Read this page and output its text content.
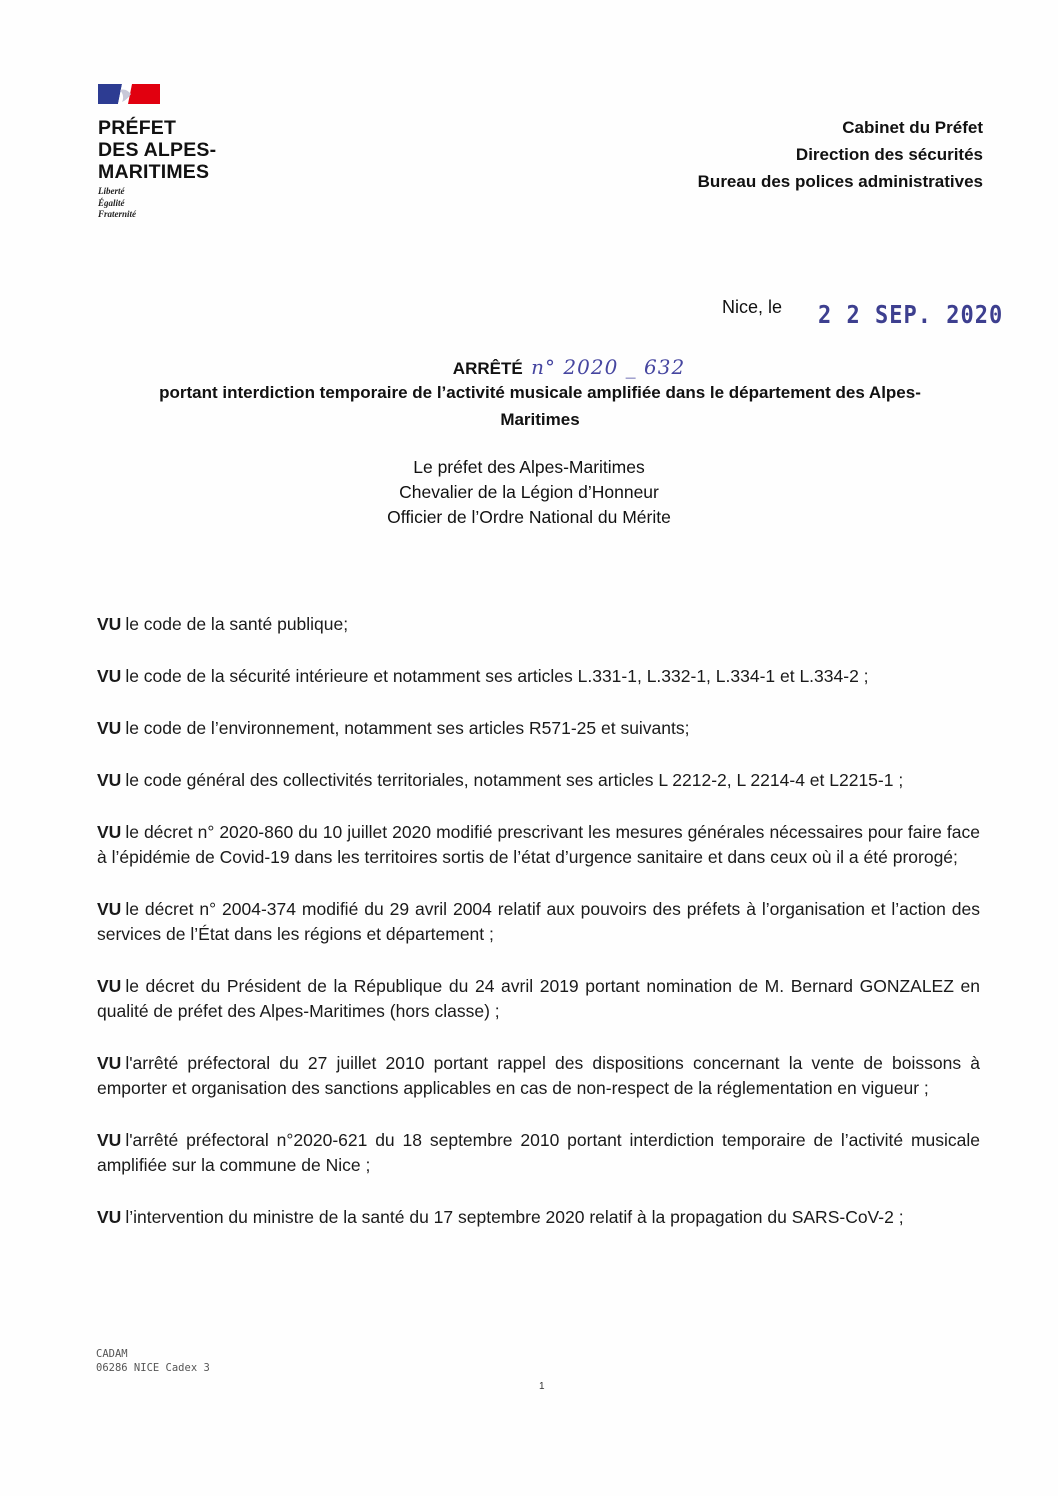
PRÉFET
DES ALPES-
MARITIMES
Liberté
Égalité
Fraternité
Cabinet du Préfet
Direction des sécurités
Bureau des polices administratives
Nice, le 2 2 SEP. 2020
ARRÊTÉ n° 2020 _ 632
portant interdiction temporaire de l’activité musicale amplifiée dans le département des Alpes-
Maritimes
Le préfet des Alpes-Maritimes
Chevalier de la Légion d’Honneur
Officier de l’Ordre National du Mérite

VU le code de la santé publique;

VU le code de la sécurité intérieure et notamment ses articles L.331-1, L.332-1, L.334-1 et L.334-2 ;

VU le code de l’environnement, notamment ses articles R571-25 et suivants;

VU le code général des collectivités territoriales, notamment ses articles L 2212-2, L 2214-4 et L2215-1 ;

VU le décret n° 2020-860 du 10 juillet 2020 modifié prescrivant les mesures générales nécessaires pour faire face à l’épidémie de Covid-19 dans les territoires sortis de l’état d’urgence sanitaire et dans ceux où il a été prorogé;

VU le décret n° 2004-374 modifié du 29 avril 2004 relatif aux pouvoirs des préfets à l’organisation et l’action des services de l’État dans les régions et département ;

VU le décret du Président de la République du 24 avril 2019 portant nomination de M. Bernard GONZALEZ en qualité de préfet des Alpes-Maritimes (hors classe) ;

VU l'arrêté préfectoral du 27 juillet 2010 portant rappel des dispositions concernant la vente de boissons à emporter et organisation des sanctions applicables en cas de non-respect de la réglementation en vigueur ;

VU l'arrêté préfectoral n°2020-621 du 18 septembre 2010 portant interdiction temporaire de l’activité musicale amplifiée sur la commune de Nice ;

VU l’intervention du ministre de la santé du 17 septembre 2020 relatif à la propagation du SARS-CoV-2 ;

CADAM
06286 NICE Cadex 3
1
